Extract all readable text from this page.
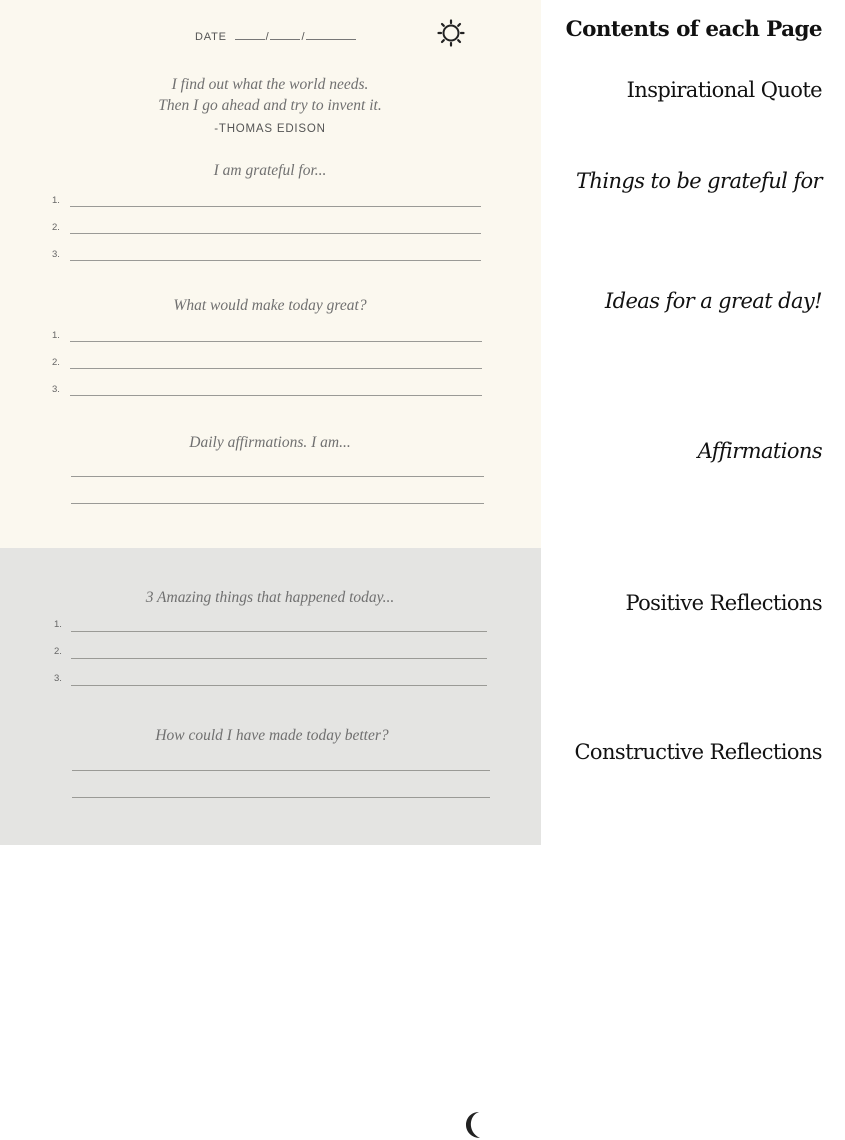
DATE	/	/
I find out what the world needs.
Then I go ahead and try to invent it.
-THOMAS EDISON
I am grateful for...
1.
2.
3.
What would make today great?
1.
2.
3.
Daily affirmations. I am...
3 Amazing things that happened today...
1.
2.
3.
How could I have made today better?
Contents of each Page
Inspirational Quote
Things to be grateful for
Ideas for a great day!
Affirmations
Positive Reflections
Constructive Reflections
